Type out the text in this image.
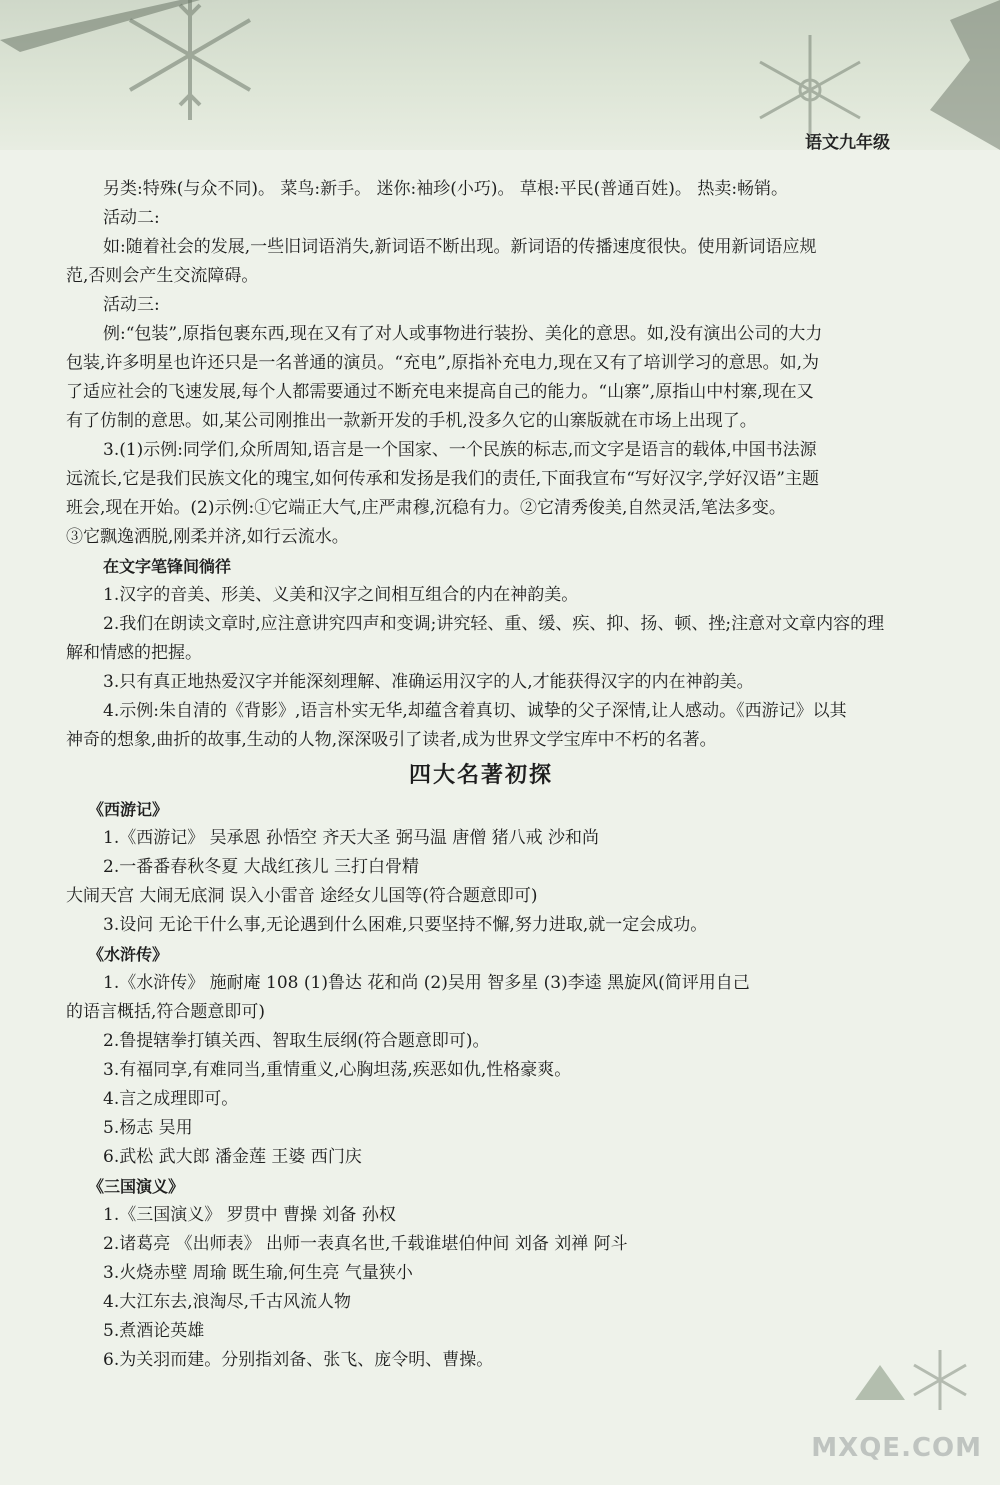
语文九年级
另类:特殊(与众不同)。 菜鸟:新手。 迷你:袖珍(小巧)。 草根:平民(普通百姓)。 热卖:畅销。
活动二:
如:随着社会的发展,一些旧词语消失,新词语不断出现。新词语的传播速度很快。使用新词语应规
范,否则会产生交流障碍。
活动三:
例:“包装”,原指包裹东西,现在又有了对人或事物进行装扮、美化的意思。如,没有演出公司的大力
包装,许多明星也许还只是一名普通的演员。“充电”,原指补充电力,现在又有了培训学习的意思。如,为
了适应社会的飞速发展,每个人都需要通过不断充电来提高自己的能力。“山寨”,原指山中村寨,现在又
有了仿制的意思。如,某公司刚推出一款新开发的手机,没多久它的山寨版就在市场上出现了。
3.(1)示例:同学们,众所周知,语言是一个国家、一个民族的标志,而文字是语言的载体,中国书法源
远流长,它是我们民族文化的瑰宝,如何传承和发扬是我们的责任,下面我宣布“写好汉字,学好汉语”主题
班会,现在开始。(2)示例:①它端正大气,庄严肃穆,沉稳有力。②它清秀俊美,自然灵活,笔法多变。
③它飘逸洒脱,刚柔并济,如行云流水。
在文字笔锋间徜徉
1.汉字的音美、形美、义美和汉字之间相互组合的内在神韵美。
2.我们在朗读文章时,应注意讲究四声和变调;讲究轻、重、缓、疾、抑、扬、顿、挫;注意对文章内容的理
解和情感的把握。
3.只有真正地热爱汉字并能深刻理解、准确运用汉字的人,才能获得汉字的内在神韵美。
4.示例:朱自清的《背影》,语言朴实无华,却蕴含着真切、诚挚的父子深情,让人感动。《西游记》以其
神奇的想象,曲折的故事,生动的人物,深深吸引了读者,成为世界文学宝库中不朽的名著。
四大名著初探
《西游记》
1.《西游记》 吴承恩 孙悟空 齐天大圣 弼马温 唐僧 猪八戒 沙和尚
2.一番番春秋冬夏 大战红孩儿 三打白骨精
大闹天宫 大闹无底洞 误入小雷音 途经女儿国等(符合题意即可)
3.设问 无论干什么事,无论遇到什么困难,只要坚持不懈,努力进取,就一定会成功。
《水浒传》
1.《水浒传》 施耐庵 108 (1)鲁达 花和尚 (2)吴用 智多星 (3)李逵 黑旋风(简评用自己
的语言概括,符合题意即可)
2.鲁提辖拳打镇关西、智取生辰纲(符合题意即可)。
3.有福同享,有难同当,重情重义,心胸坦荡,疾恶如仇,性格豪爽。
4.言之成理即可。
5.杨志 吴用
6.武松 武大郎 潘金莲 王婆 西门庆
《三国演义》
1.《三国演义》 罗贯中 曹操 刘备 孙权
2.诸葛亮 《出师表》 出师一表真名世,千载谁堪伯仲间 刘备 刘禅 阿斗
3.火烧赤壁 周瑜 既生瑜,何生亮 气量狭小
4.大江东去,浪淘尽,千古风流人物
5.煮酒论英雄
6.为关羽而建。分别指刘备、张飞、庞令明、曹操。
MXQE.COM
